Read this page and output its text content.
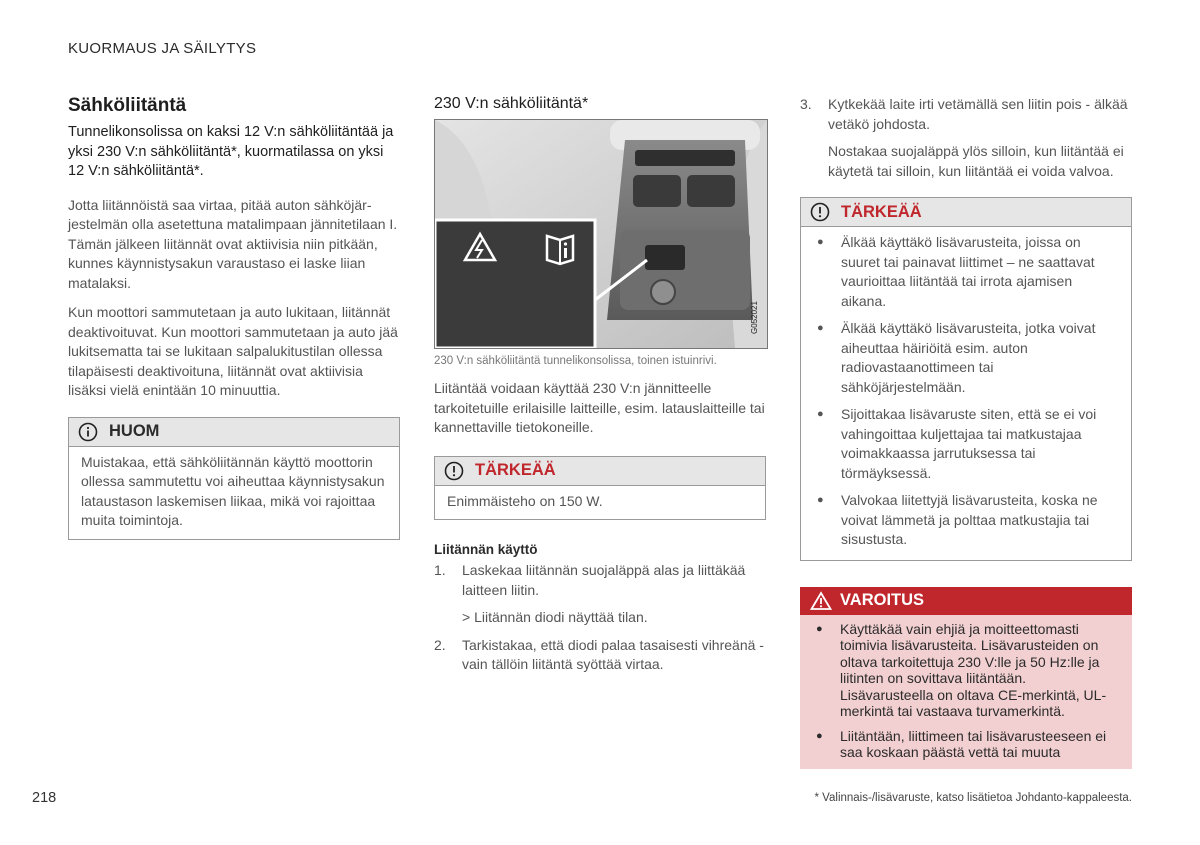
KUORMAUS JA SÄILYTYS
Sähköliitäntä
Tunnelikonsolissa on kaksi 12 V:n sähköliitäntää ja yksi 230 V:n sähköliitäntä*, kuormatilassa on yksi 12 V:n sähköliitäntä*.

Jotta liitännöistä saa virtaa, pitää auton sähköjär-jestelmän olla asetettuna matalimpaan jännitetilaan I. Tämän jälkeen liitännät ovat aktiivisia niin pitkään, kunnes käynnistysakun varaustaso ei laske liian matalaksi.

Kun moottori sammutetaan ja auto lukitaan, liitännät deaktivoituvat. Kun moottori sammutetaan ja auto jää lukitsematta tai se lukitaan salpalukitustilan ollessa tilapäisesti deaktivoituna, liitännät ovat aktiivisia lisäksi vielä enintään 10 minuuttia.

HUOM
Muistakaa, että sähköliitännän käyttö moottorin ollessa sammutettu voi aiheuttaa käynnistysakun lataustason laskemisen liikaa, mikä voi rajoittaa muita toimintoja.
230 V:n sähköliitäntä*
G052021
230 V:n sähköliitäntä tunnelikonsolissa, toinen istuinrivi.

Liitäntää voidaan käyttää 230 V:n jännitteelle tarkoitetuille erilaisille laitteille, esim. latauslaitteille tai kannettaville tietokoneille.

TÄRKEÄÄ
Enimmäisteho on 150 W.
Liitännän käyttö
1. Laskekaa liitännän suojaläppä alas ja liittäkää laitteen liitin.
> Liitännän diodi näyttää tilan.
2. Tarkistakaa, että diodi palaa tasaisesti vihreänä - vain tällöin liitäntä syöttää virtaa.
3. Kytkekää laite irti vetämällä sen liitin pois - älkää vetäkö johdosta.
Nostakaa suojaläppä ylös silloin, kun liitäntää ei käytetä tai silloin, kun liitäntää ei voida valvoa.
TÄRKEÄÄ
● Älkää käyttäkö lisävarusteita, joissa on suuret tai painavat liittimet – ne saattavat vaurioittaa liitäntää tai irrota ajamisen aikana.
● Älkää käyttäkö lisävarusteita, jotka voivat aiheuttaa häiriöitä esim. auton radiovastaanottimeen tai sähköjärjestelmään.
● Sijoittakaa lisävaruste siten, että se ei voi vahingoittaa kuljettajaa tai matkustajaa voimakkaassa jarrutuksessa tai törmäyksessä.
● Valvokaa liitettyjä lisävarusteita, koska ne voivat lämmetä ja polttaa matkustajia tai sisustusta.
VAROITUS
● Käyttäkää vain ehjiä ja moitteettomasti toimivia lisävarusteita. Lisävarusteiden on oltava tarkoitettuja 230 V:lle ja 50 Hz:lle ja liitinten on sovittava liitäntään. Lisävarusteella on oltava CE-merkintä, UL-merkintä tai vastaava turvamerkintä.
● Liitäntään, liittimeen tai lisävarusteeseen ei saa koskaan päästä vettä tai muuta
218	* Valinnais-/lisävaruste, katso lisätietoa Johdanto-kappaleesta.
